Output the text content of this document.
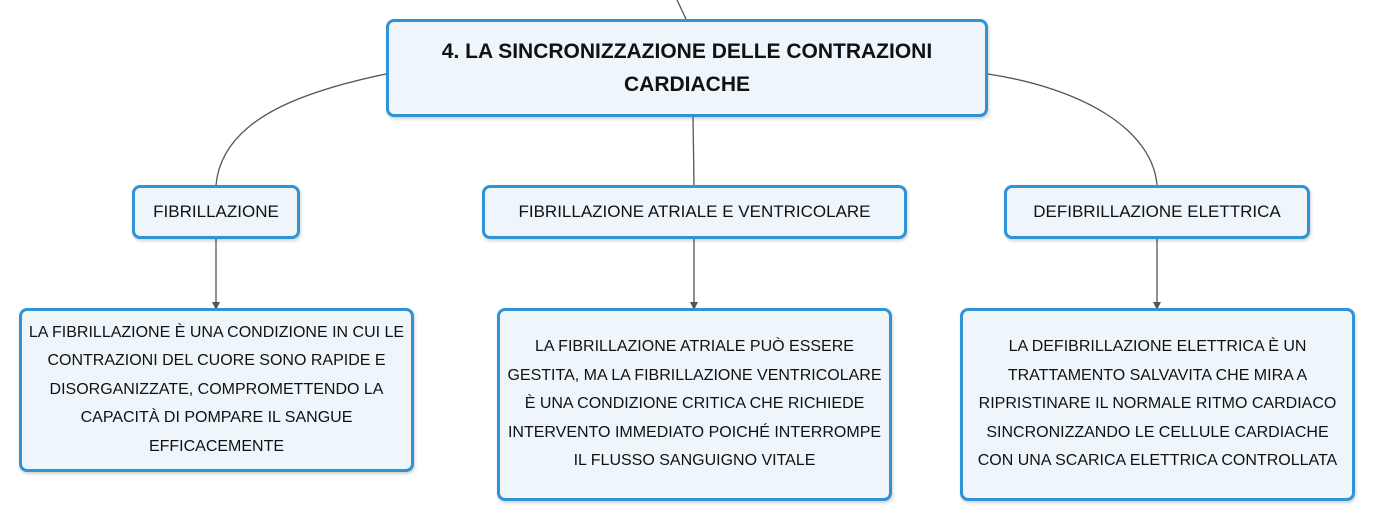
4. LA SINCRONIZZAZIONE DELLE CONTRAZIONI CARDIACHE
FIBRILLAZIONE	FIBRILLAZIONE ATRIALE E VENTRICOLARE	DEFIBRILLAZIONE ELETTRICA
LA FIBRILLAZIONE È UNA CONDIZIONE IN CUI LE CONTRAZIONI DEL CUORE SONO RAPIDE E DISORGANIZZATE, COMPROMETTENDO LA CAPACITÀ DI POMPARE IL SANGUE EFFICACEMENTE
LA FIBRILLAZIONE ATRIALE PUÒ ESSERE GESTITA, MA LA FIBRILLAZIONE VENTRICOLARE È UNA CONDIZIONE CRITICA CHE RICHIEDE INTERVENTO IMMEDIATO POICHÉ INTERROMPE IL FLUSSO SANGUIGNO VITALE
LA DEFIBRILLAZIONE ELETTRICA È UN TRATTAMENTO SALVAVITA CHE MIRA A RIPRISTINARE IL NORMALE RITMO CARDIACO SINCRONIZZANDO LE CELLULE CARDIACHE CON UNA SCARICA ELETTRICA CONTROLLATA
